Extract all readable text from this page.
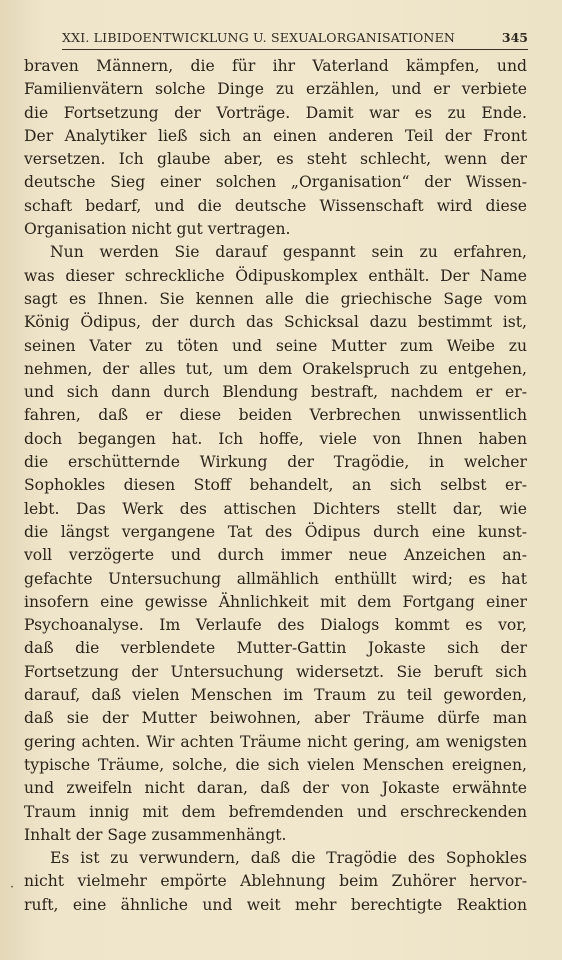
XXI. LIBIDOENTWICKLUNG U. SEXUALORGANISATIONEN	345
braven Männern, die für ihr Vaterland kämpfen, und
Familienvätern solche Dinge zu erzählen, und er verbiete
die Fortsetzung der Vorträge. Damit war es zu Ende.
Der Analytiker ließ sich an einen anderen Teil der Front
versetzen. Ich glaube aber, es steht schlecht, wenn der
deutsche Sieg einer solchen „Organisation“ der Wissen-
schaft bedarf, und die deutsche Wissenschaft wird diese
Organisation nicht gut vertragen.
Nun werden Sie darauf gespannt sein zu erfahren,
was dieser schreckliche Ödipuskomplex enthält. Der Name
sagt es Ihnen. Sie kennen alle die griechische Sage vom
König Ödipus, der durch das Schicksal dazu bestimmt ist,
seinen Vater zu töten und seine Mutter zum Weibe zu
nehmen, der alles tut, um dem Orakelspruch zu entgehen,
und sich dann durch Blendung bestraft, nachdem er er-
fahren, daß er diese beiden Verbrechen unwissentlich
doch begangen hat. Ich hoffe, viele von Ihnen haben
die erschütternde Wirkung der Tragödie, in welcher
Sophokles diesen Stoff behandelt, an sich selbst er-
lebt. Das Werk des attischen Dichters stellt dar, wie
die längst vergangene Tat des Ödipus durch eine kunst-
voll verzögerte und durch immer neue Anzeichen an-
gefachte Untersuchung allmählich enthüllt wird; es hat
insofern eine gewisse Ähnlichkeit mit dem Fortgang einer
Psychoanalyse. Im Verlaufe des Dialogs kommt es vor,
daß die verblendete Mutter-Gattin Jokaste sich der
Fortsetzung der Untersuchung widersetzt. Sie beruft sich
darauf, daß vielen Menschen im Traum zu teil geworden,
daß sie der Mutter beiwohnen, aber Träume dürfe man
gering achten. Wir achten Träume nicht gering, am wenigsten
typische Träume, solche, die sich vielen Menschen ereignen,
und zweifeln nicht daran, daß der von Jokaste erwähnte
Traum innig mit dem befremdenden und erschreckenden
Inhalt der Sage zusammenhängt.
Es ist zu verwundern, daß die Tragödie des Sophokles
nicht vielmehr empörte Ablehnung beim Zuhörer hervor-
ruft, eine ähnliche und weit mehr berechtigte Reaktion
·
